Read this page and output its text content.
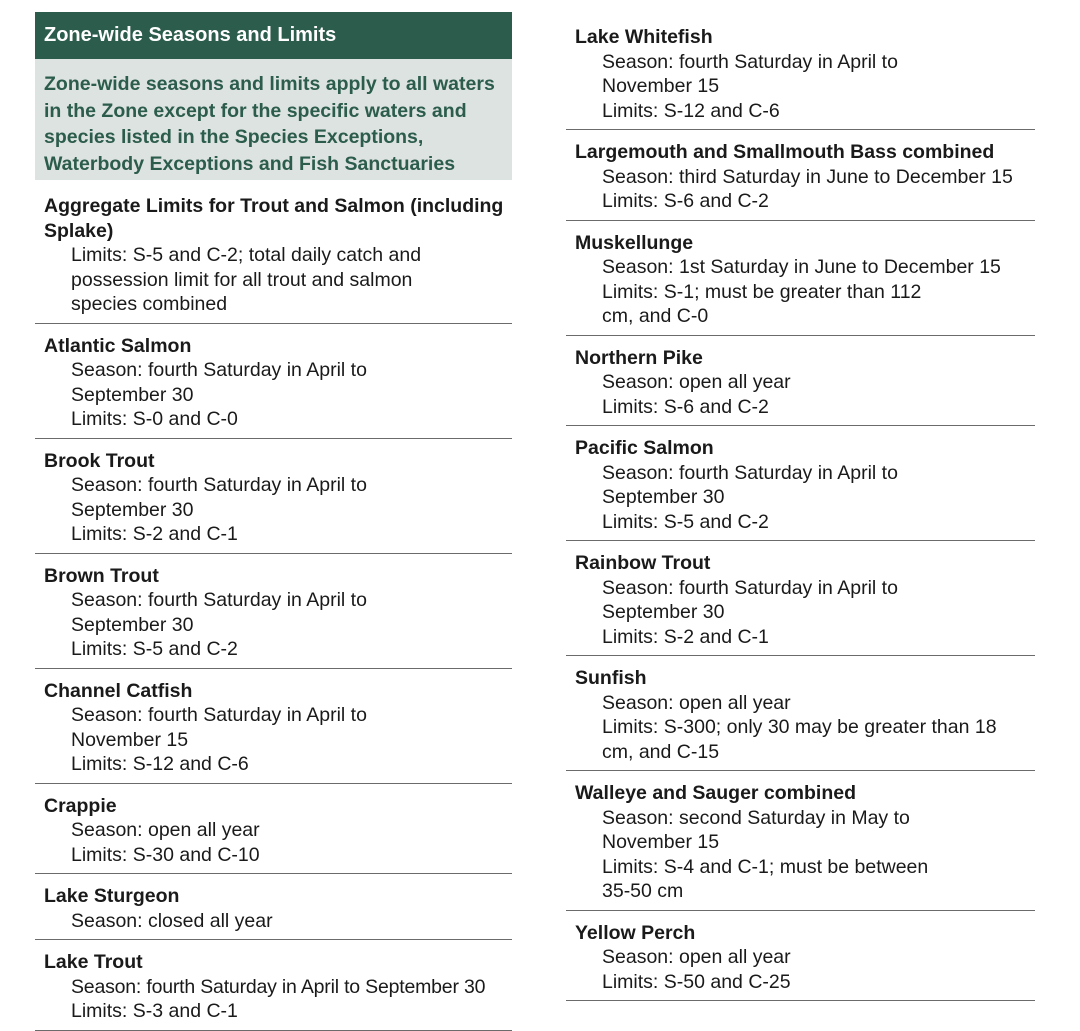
Zone-wide Seasons and Limits
Zone-wide seasons and limits apply to all waters in the Zone except for the specific waters and species listed in the Species Exceptions, Waterbody Exceptions and Fish Sanctuaries
Aggregate Limits for Trout and Salmon (including Splake)
Limits: S-5 and C-2; total daily catch and possession limit for all trout and salmon species combined
Atlantic Salmon
Season: fourth Saturday in April to September 30
Limits: S-0 and C-0
Brook Trout
Season: fourth Saturday in April to September 30
Limits: S-2 and C-1
Brown Trout
Season: fourth Saturday in April to September 30
Limits: S-5 and C-2
Channel Catfish
Season: fourth Saturday in April to November 15
Limits: S-12 and C-6
Crappie
Season: open all year
Limits: S-30 and C-10
Lake Sturgeon
Season: closed all year
Lake Trout
Season: fourth Saturday in April to September 30
Limits: S-3 and C-1
Lake Whitefish
Season: fourth Saturday in April to November 15
Limits: S-12 and C-6
Largemouth and Smallmouth Bass combined
Season: third Saturday in June to December 15
Limits: S-6 and C-2
Muskellunge
Season: 1st Saturday in June to December 15
Limits: S-1; must be greater than 112 cm, and C-0
Northern Pike
Season: open all year
Limits: S-6 and C-2
Pacific Salmon
Season: fourth Saturday in April to September 30
Limits: S-5 and C-2
Rainbow Trout
Season: fourth Saturday in April to September 30
Limits: S-2 and C-1
Sunfish
Season: open all year
Limits: S-300; only 30 may be greater than 18 cm, and C-15
Walleye and Sauger combined
Season: second Saturday in May to November 15
Limits: S-4 and C-1; must be between 35-50 cm
Yellow Perch
Season: open all year
Limits: S-50 and C-25
